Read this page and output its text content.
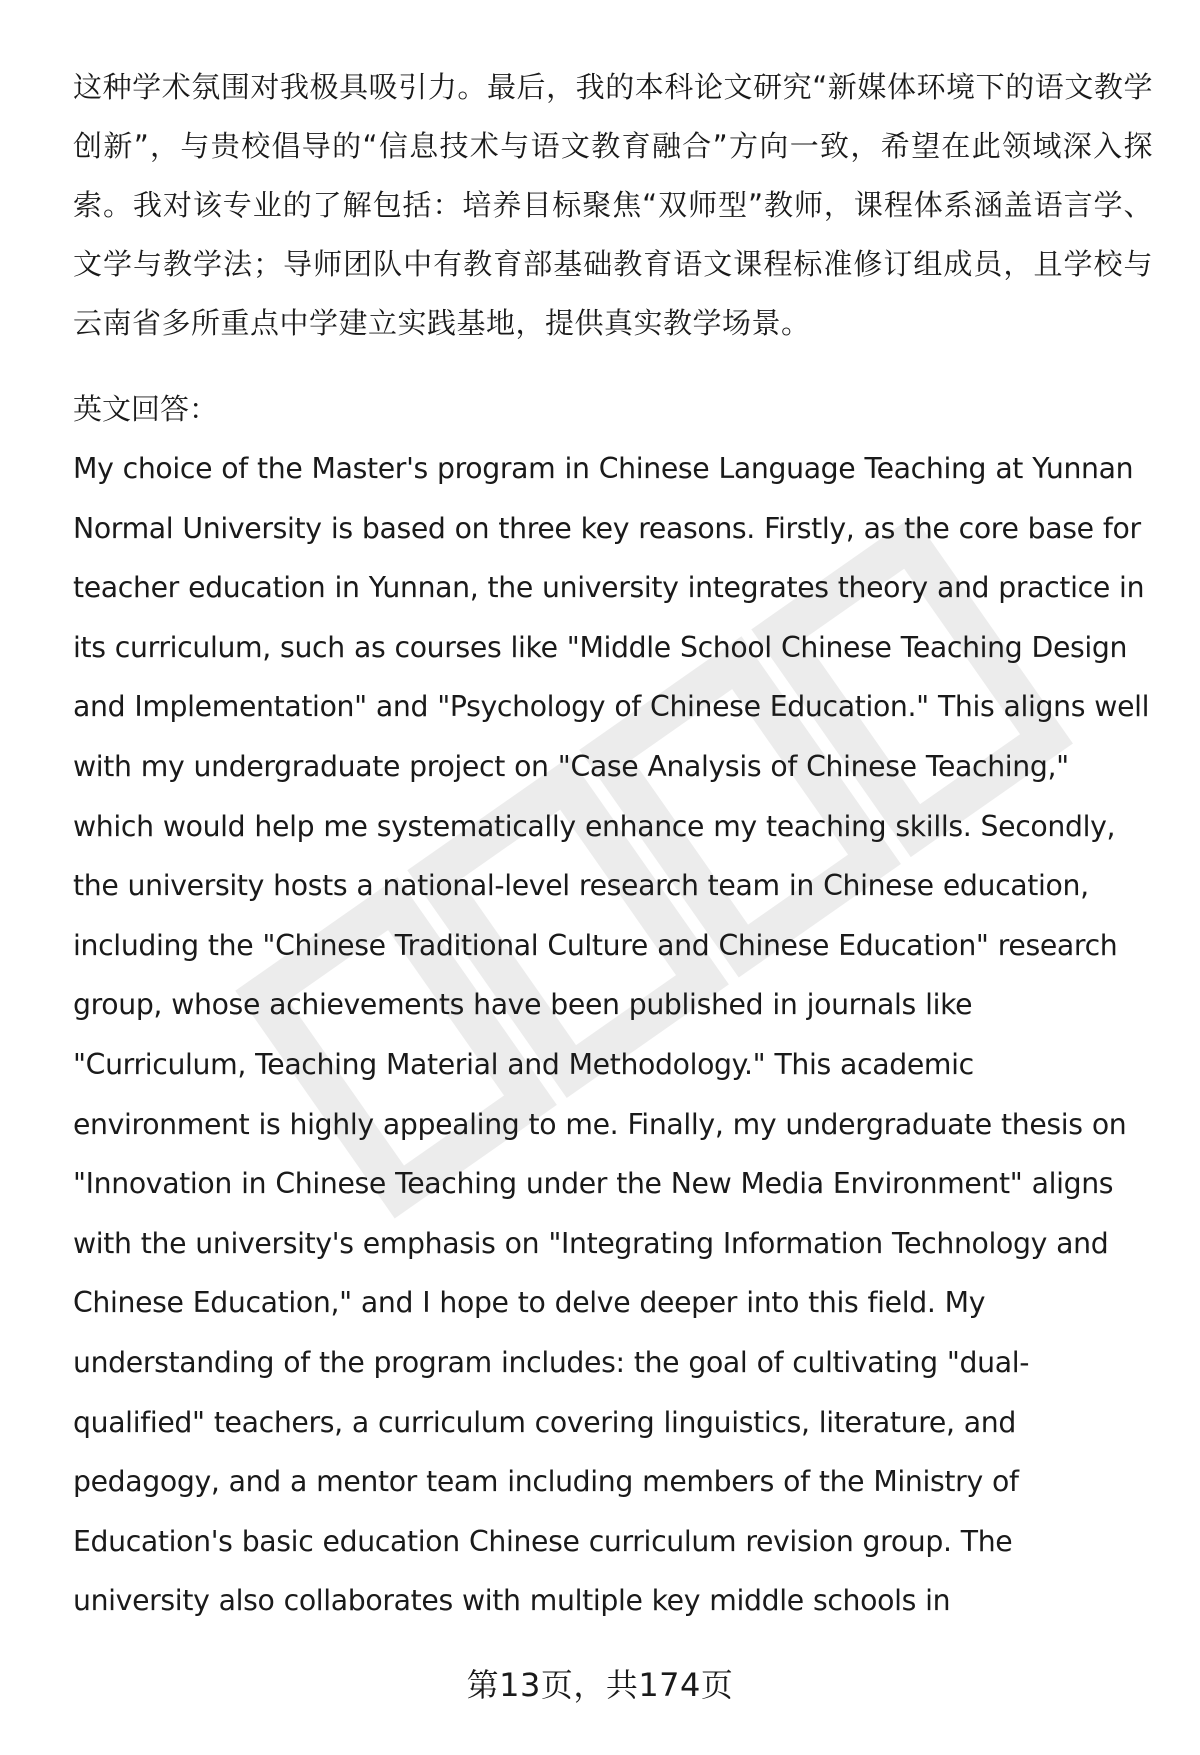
这种学术氛围对我极具吸引力。最后，我的本科论文研究“新媒体环境下的语文教学创新”，与贵校倡导的“信息技术与语文教育融合”方向一致，希望在此领域深入探索。我对该专业的了解包括：培养目标聚焦“双师型”教师，课程体系涵盖语言学、文学与教学法；导师团队中有教育部基础教育语文课程标准修订组成员，且学校与云南省多所重点中学建立实践基地，提供真实教学场景。

英文回答：

My choice of the Master's program in Chinese Language Teaching at Yunnan Normal University is based on three key reasons. Firstly, as the core base for teacher education in Yunnan, the university integrates theory and practice in its curriculum, such as courses like "Middle School Chinese Teaching Design and Implementation" and "Psychology of Chinese Education." This aligns well with my undergraduate project on "Case Analysis of Chinese Teaching," which would help me systematically enhance my teaching skills. Secondly, the university hosts a national-level research team in Chinese education, including the "Chinese Traditional Culture and Chinese Education" research group, whose achievements have been published in journals like "Curriculum, Teaching Material and Methodology." This academic environment is highly appealing to me. Finally, my undergraduate thesis on "Innovation in Chinese Teaching under the New Media Environment" aligns with the university's emphasis on "Integrating Information Technology and Chinese Education," and I hope to delve deeper into this field. My understanding of the program includes: the goal of cultivating "dual-qualified" teachers, a curriculum covering linguistics, literature, and pedagogy, and a mentor team including members of the Ministry of Education's basic education Chinese curriculum revision group. The university also collaborates with multiple key middle schools in

第13页，共174页
